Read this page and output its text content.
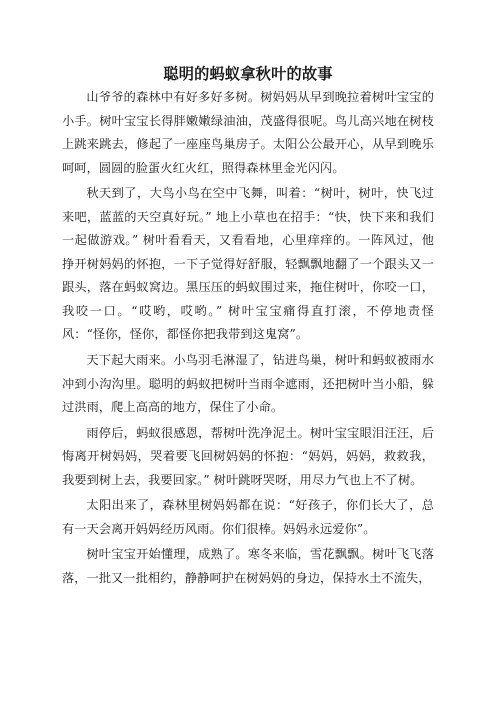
聪明的蚂蚁拿秋叶的故事

山爷爷的森林中有好多好多树。树妈妈从早到晚拉着树叶宝宝的小手。树叶宝宝长得胖嫩嫩绿油油，茂盛得很呢。鸟儿高兴地在树枝上跳来跳去，修起了一座座鸟巢房子。太阳公公最开心，从早到晚乐呵呵，圆圆的脸蛋火红火红，照得森林里金光闪闪。

秋天到了，大鸟小鸟在空中飞舞，叫着：“树叶，树叶，快飞过来吧，蓝蓝的天空真好玩。” 地上小草也在招手：“快，快下来和我们一起做游戏。” 树叶看看天，又看看地，心里痒痒的。一阵风过，他挣开树妈妈的怀抱，一下子觉得好舒服，轻飘飘地翻了一个跟头又一跟头，落在蚂蚁窝边。黑压压的蚂蚁围过来，拖住树叶，你咬一口，我咬一口。“哎哟，哎哟。” 树叶宝宝痛得直打滚，不停地责怪风：“怪你，怪你，都怪你把我带到这鬼窝”。

天下起大雨来。小鸟羽毛淋湿了，钻进鸟巢，树叶和蚂蚁被雨水冲到小沟沟里。聪明的蚂蚁把树叶当雨伞遮雨，还把树叶当小船，躲过洪雨，爬上高高的地方，保住了小命。

雨停后，蚂蚁很感恩，帮树叶洗净泥土。树叶宝宝眼泪汪汪，后悔离开树妈妈，哭着要飞回树妈妈的怀抱：“妈妈，妈妈，救救我，我要到树上去，我要回家。” 树叶跳呀哭呀，用尽力气也上不了树。

太阳出来了，森林里树妈妈都在说：“好孩子，你们长大了，总有一天会离开妈妈经历风雨。你们很棒。妈妈永远爱你”。

树叶宝宝开始懂理，成熟了。寒冬来临，雪花飘飘。树叶飞飞落落，一批又一批相约，静静呵护在树妈妈的身边，保持水土不流失，
